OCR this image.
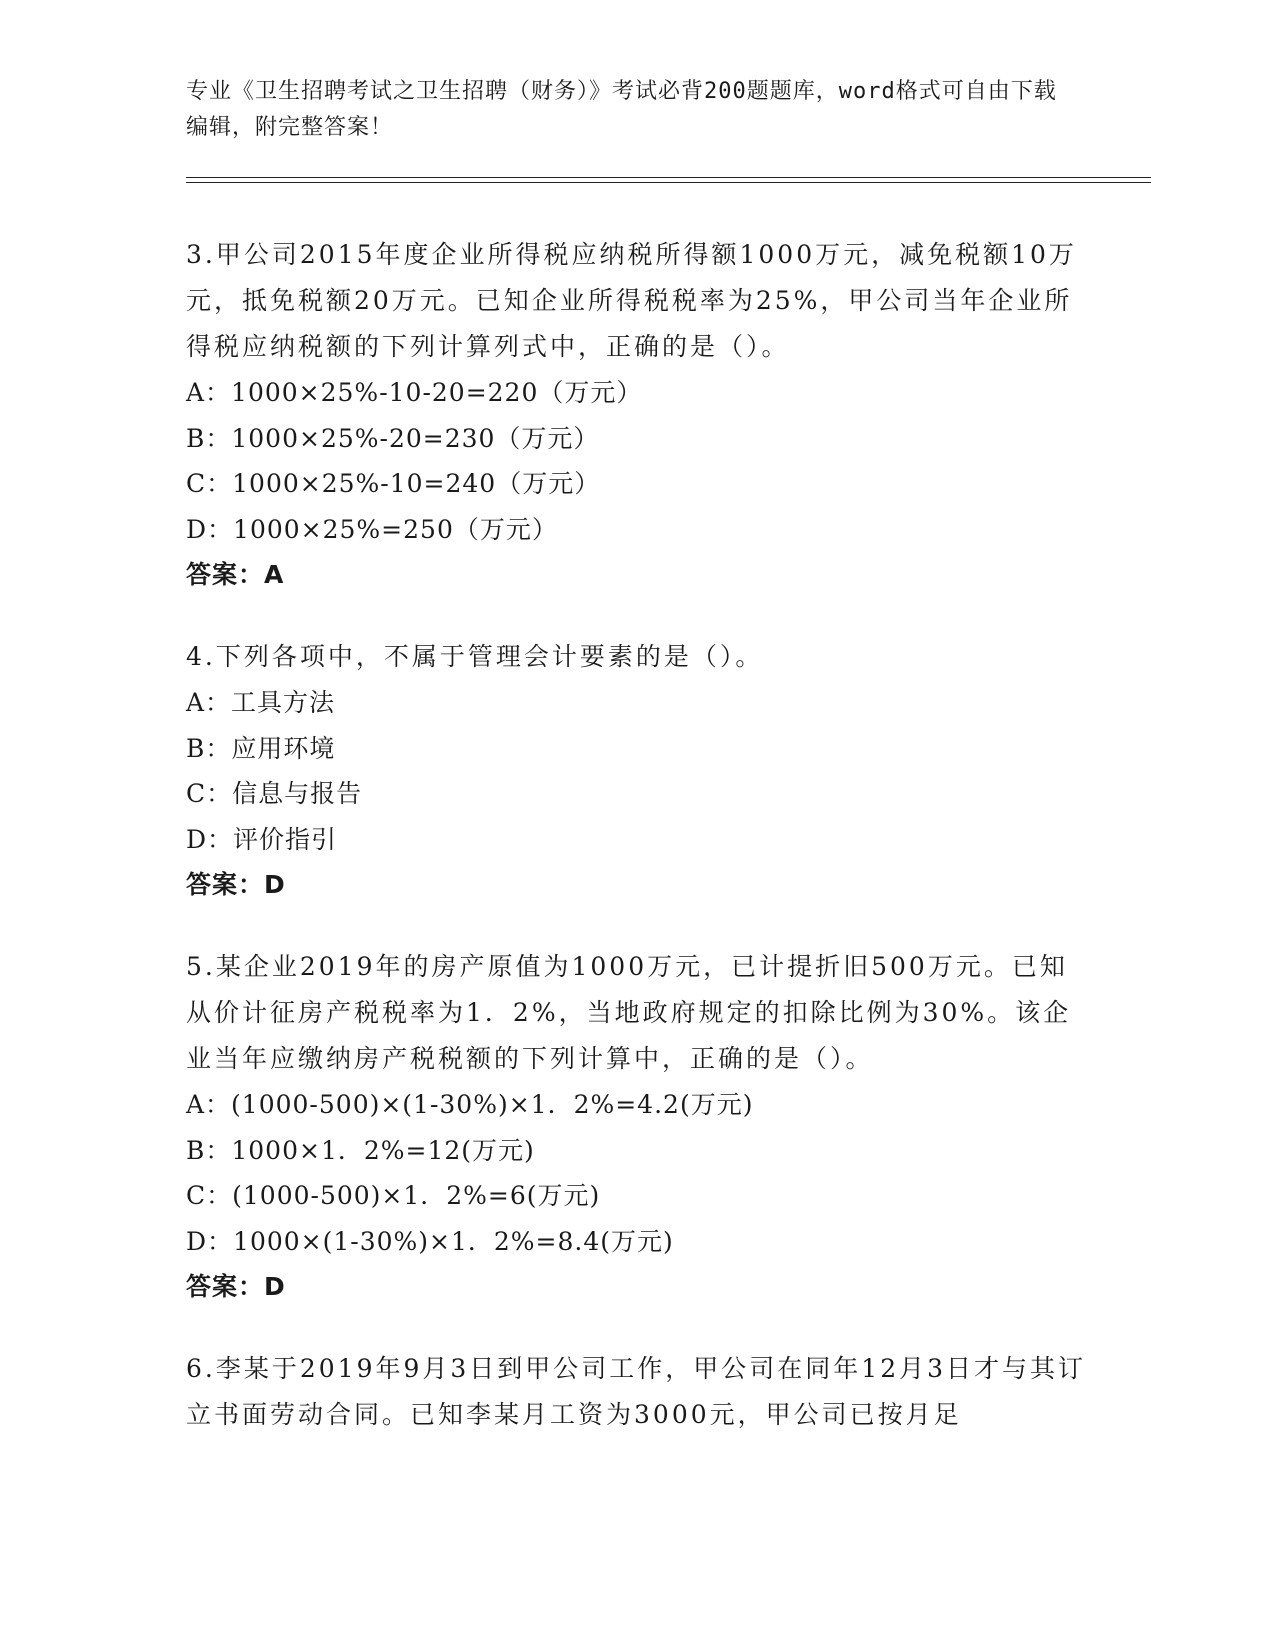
专业《卫生招聘考试之卫生招聘（财务）》考试必背200题题库，word格式可自由下载编辑，附完整答案！
3.甲公司2015年度企业所得税应纳税所得额1000万元，减免税额10万元，抵免税额20万元。已知企业所得税税率为25%，甲公司当年企业所得税应纳税额的下列计算列式中，正确的是（）。
A：1000×25%-10-20=220（万元）
B：1000×25%-20=230（万元）
C：1000×25%-10=240（万元）
D：1000×25%=250（万元）
答案：A
4.下列各项中，不属于管理会计要素的是（）。
A：工具方法
B：应用环境
C：信息与报告
D：评价指引
答案：D
5.某企业2019年的房产原值为1000万元，已计提折旧500万元。已知从价计征房产税税率为1．2%，当地政府规定的扣除比例为30%。该企业当年应缴纳房产税税额的下列计算中，正确的是（）。
A：(1000-500)×(1-30%)×1．2%=4.2(万元)
B：1000×1．2%=12(万元)
C：(1000-500)×1．2%=6(万元)
D：1000×(1-30%)×1．2%=8.4(万元)
答案：D
6.李某于2019年9月3日到甲公司工作，甲公司在同年12月3日才与其订立书面劳动合同。已知李某月工资为3000元，甲公司已按月足
